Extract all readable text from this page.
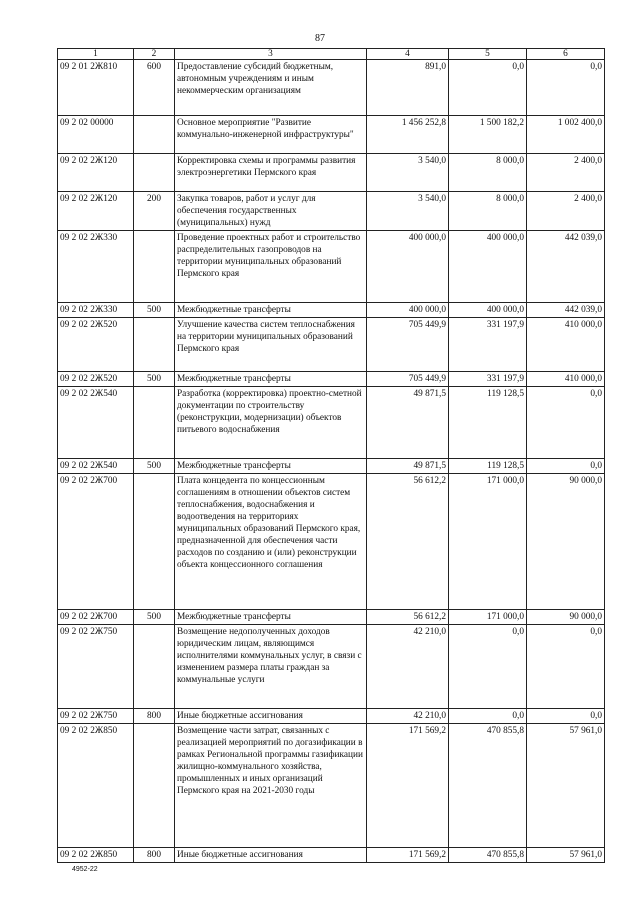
87
1	2	3	4	5	6
09 2 01 2Ж810	600	Предоставление субсидий бюджетным, автономным учреждениям и иным некоммерческим организациям	891,0	0,0	0,0
09 2 02 00000		Основное мероприятие "Развитие коммунально-инженерной инфраструктуры"	1 456 252,8	1 500 182,2	1 002 400,0
09 2 02 2Ж120		Корректировка схемы и программы развития электроэнергетики Пермского края	3 540,0	8 000,0	2 400,0
09 2 02 2Ж120	200	Закупка товаров, работ и услуг для обеспечения государственных (муниципальных) нужд	3 540,0	8 000,0	2 400,0
09 2 02 2Ж330		Проведение проектных работ и строительство распределительных газопроводов на территории муниципальных образований Пермского края	400 000,0	400 000,0	442 039,0
09 2 02 2Ж330	500	Межбюджетные трансферты	400 000,0	400 000,0	442 039,0
09 2 02 2Ж520		Улучшение качества систем теплоснабжения на территории муниципальных образований Пермского края	705 449,9	331 197,9	410 000,0
09 2 02 2Ж520	500	Межбюджетные трансферты	705 449,9	331 197,9	410 000,0
09 2 02 2Ж540		Разработка (корректировка) проектно-сметной документации по строительству (реконструкции, модернизации) объектов питьевого водоснабжения	49 871,5	119 128,5	0,0
09 2 02 2Ж540	500	Межбюджетные трансферты	49 871,5	119 128,5	0,0
09 2 02 2Ж700		Плата концедента по концессионным соглашениям в отношении объектов систем теплоснабжения, водоснабжения и водоотведения на территориях муниципальных образований Пермского края, предназначенной для обеспечения части расходов по созданию и (или) реконструкции объекта концессионного соглашения	56 612,2	171 000,0	90 000,0
09 2 02 2Ж700	500	Межбюджетные трансферты	56 612,2	171 000,0	90 000,0
09 2 02 2Ж750		Возмещение недополученных доходов юридическим лицам, являющимся исполнителями коммунальных услуг, в связи с изменением размера платы граждан за коммунальные услуги	42 210,0	0,0	0,0
09 2 02 2Ж750	800	Иные бюджетные ассигнования	42 210,0	0,0	0,0
09 2 02 2Ж850		Возмещение части затрат, связанных с реализацией мероприятий по догазификации в рамках Региональной программы газификации жилищно-коммунального хозяйства, промышленных и иных организаций Пермского края на 2021-2030 годы	171 569,2	470 855,8	57 961,0
09 2 02 2Ж850	800	Иные бюджетные ассигнования	171 569,2	470 855,8	57 961,0
4952-22
